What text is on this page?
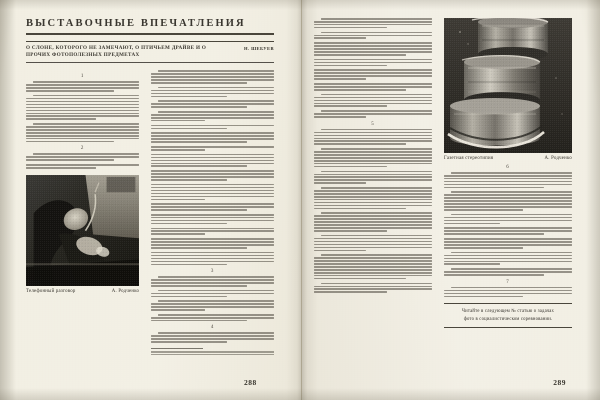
ВЫСТАВОЧНЫЕ ВПЕЧАТЛЕНИЯ
О СЛОНЕ, КОТОРОГО НЕ ЗАМЕЧАЮТ, О ПТИЧЬЕМ ДРАЙВЕ И О ПРОЧИХ ФОТОПОЛЕЗНЫХ ПРЕДМЕТАХ
Н. ШЕБУЕВ
1
2
Телефонный разговор	А. Родченко
3
4
288
5
Газетная стереотипия	А. Родченко
6
7
Читайте в следующем № статью о задачах
фото в социалистическом соревновании.
289
